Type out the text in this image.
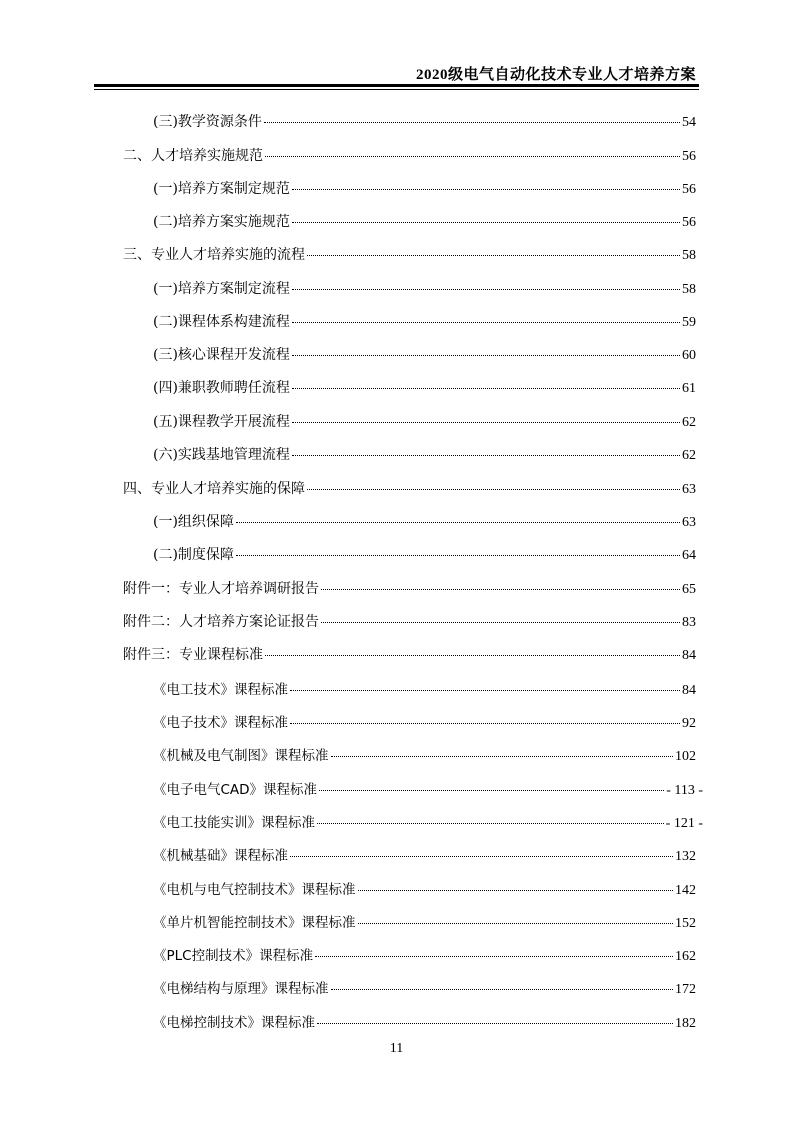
2020级电气自动化技术专业人才培养方案
(三)教学资源条件	54
二、人才培养实施规范	56
(一)培养方案制定规范	56
(二)培养方案实施规范	56
三、专业人才培养实施的流程	58
(一)培养方案制定流程	58
(二)课程体系构建流程	59
(三)核心课程开发流程	60
(四)兼职教师聘任流程	61
(五)课程教学开展流程	62
(六)实践基地管理流程	62
四、专业人才培养实施的保障	63
(一)组织保障	63
(二)制度保障	64
附件一：专业人才培养调研报告	65
附件二：人才培养方案论证报告	83
附件三：专业课程标准	84
《电工技术》课程标准	84
《电子技术》课程标准	92
《机械及电气制图》课程标准	102
《电子电气CAD》课程标准	- 113 -
《电工技能实训》课程标准	- 121 -
《机械基础》课程标准	132
《电机与电气控制技术》课程标准	142
《单片机智能控制技术》课程标准	152
《PLC控制技术》课程标准	162
《电梯结构与原理》课程标准	172
《电梯控制技术》课程标准	182
11
